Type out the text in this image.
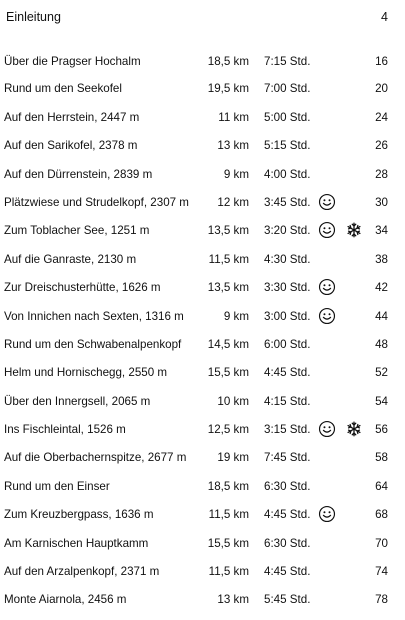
Einleitung	4
Über die Pragser Hochalm	18,5 km 7:15 Std.	16
Rund um den Seekofel	19,5 km 7:00 Std.	20
Auf den Herrstein, 2447 m	11 km 5:00 Std.	24
Auf den Sarikofel, 2378 m	13 km 5:15 Std.	26
Auf den Dürrenstein, 2839 m	9 km 4:00 Std.	28
Plätzwiese und Strudelkopf, 2307 m 12 km 3:45 Std.	30
Zum Toblacher See, 1251 m	13,5 km 3:20 Std.	34
Auf die Ganraste, 2130 m	11,5 km 4:30 Std.	38
Zur Dreischusterhütte, 1626 m	13,5 km 3:30 Std.	42
Von Innichen nach Sexten, 1316 m	9 km 3:00 Std.	44
Rund um den Schwabenalpenkopf 14,5 km 6:00 Std.	48
Helm und Hornischegg, 2550 m	15,5 km 4:45 Std.	52
Über den Innergsell, 2065 m	10 km 4:15 Std.	54
Ins Fischleintal, 1526 m	12,5 km 3:15 Std.	56
Auf die Oberbachernspitze, 2677 m	19 km 7:45 Std.	58
Rund um den Einser	18,5 km 6:30 Std.	64
Zum Kreuzbergpass, 1636 m	11,5 km 4:45 Std.	68
Am Karnischen Hauptkamm	15,5 km 6:30 Std.	70
Auf den Arzalpenkopf, 2371 m	11,5 km 4:45 Std.	74
Monte Aiarnola, 2456 m	13 km 5:45 Std.	78
